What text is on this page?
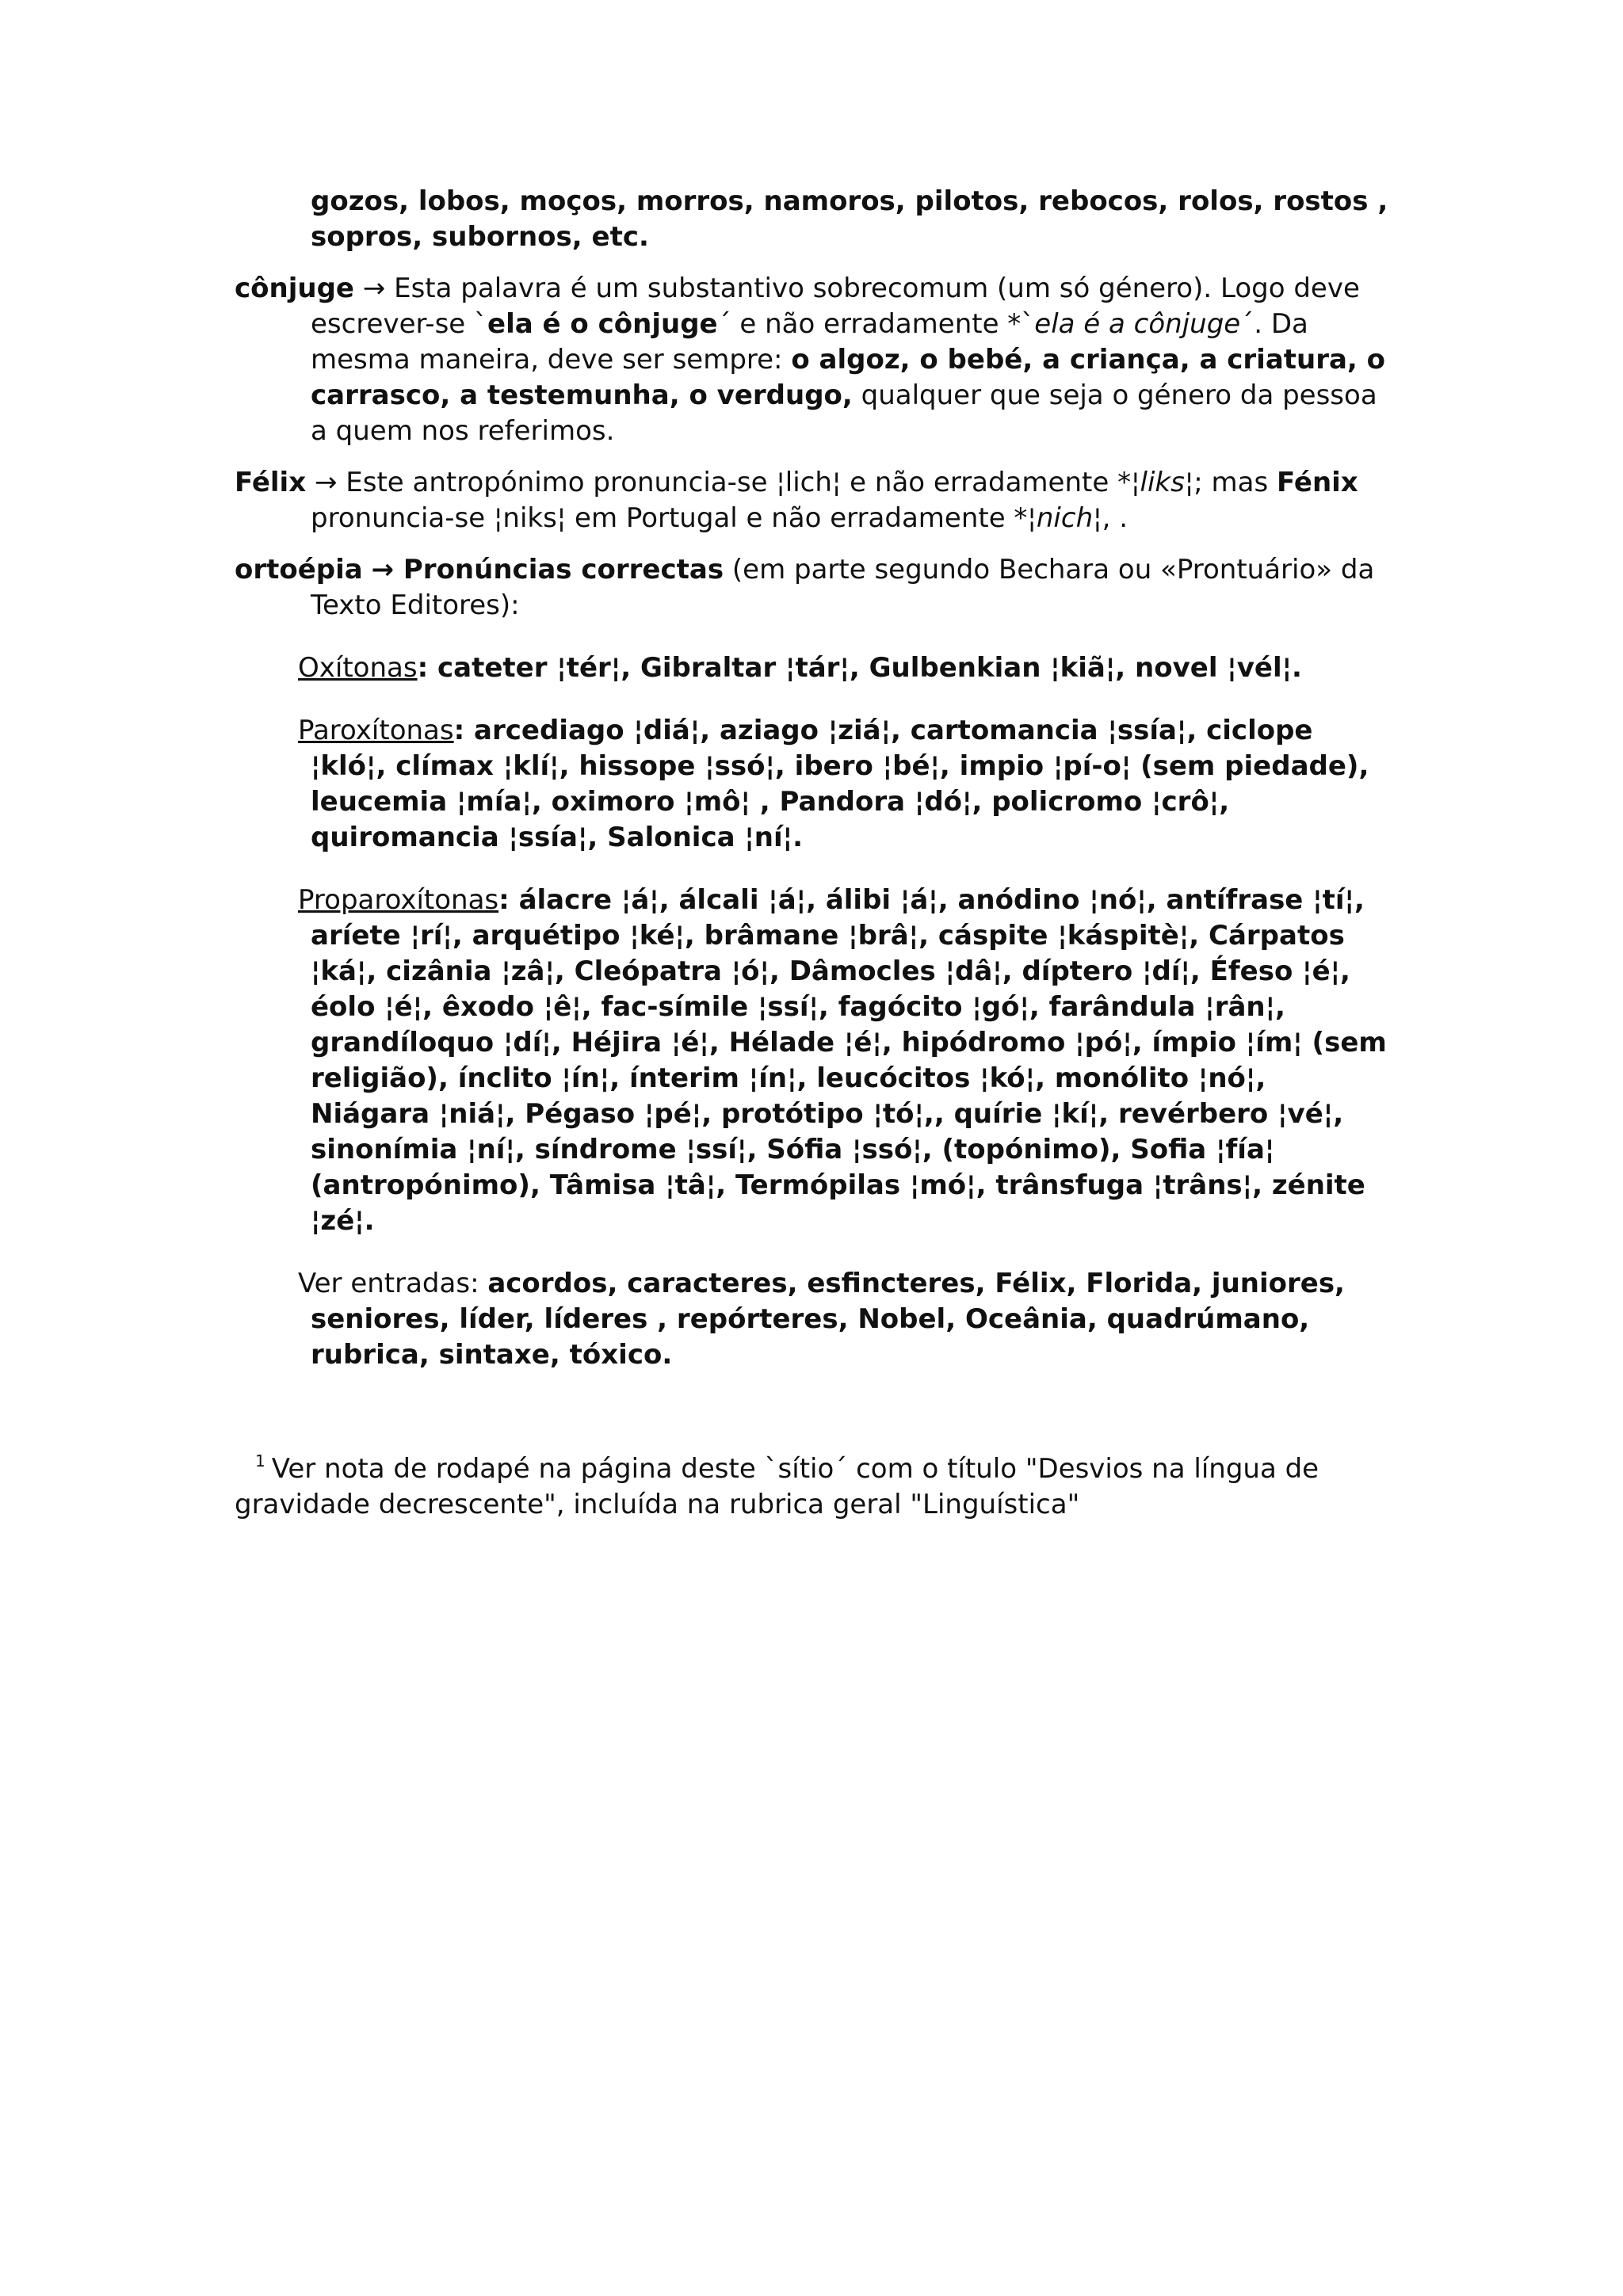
gozos, lobos, moços, morros, namoros, pilotos, rebocos, rolos, rostos , sopros, subornos, etc.

cônjuge → Esta palavra é um substantivo sobrecomum (um só género). Logo deve escrever-se `ela é o cônjuge´ e não erradamente *`ela é a cônjuge´. Da mesma maneira, deve ser sempre: o algoz, o bebé, a criança, a criatura, o carrasco, a testemunha, o verdugo, qualquer que seja o género da pessoa a quem nos referimos.

Félix → Este antropónimo pronuncia-se ¦lich¦ e não erradamente *¦liks¦; mas Fénix pronuncia-se ¦niks¦ em Portugal e não erradamente *¦nich¦, .

ortoépia → Pronúncias correctas (em parte segundo Bechara ou «Prontuário» da Texto Editores):

Oxítonas: cateter ¦tér¦, Gibraltar ¦tár¦, Gulbenkian ¦kiã¦, novel ¦vél¦.

Paroxítonas: arcediago ¦diá¦, aziago ¦ziá¦, cartomancia ¦ssía¦, ciclope ¦kló¦, clímax ¦klí¦, hissope ¦ssó¦, ibero ¦bé¦, impio ¦pí-o¦ (sem piedade), leucemia ¦mía¦, oximoro ¦mô¦ , Pandora ¦dó¦, policromo ¦crô¦, quiromancia ¦ssía¦, Salonica ¦ní¦.

Proparoxítonas: álacre ¦á¦, álcali ¦á¦, álibi ¦á¦, anódino ¦nó¦, antífrase ¦tí¦, aríete ¦rí¦, arquétipo ¦ké¦, brâmane ¦brâ¦, cáspite ¦káspitè¦, Cárpatos ¦ká¦, cizânia ¦zâ¦, Cleópatra ¦ó¦, Dâmocles ¦dâ¦, díptero ¦dí¦, Éfeso ¦é¦, éolo ¦é¦, êxodo ¦ê¦, fac-símile ¦ssí¦, fagócito ¦gó¦, farândula ¦rân¦, grandíloquo ¦dí¦, Héjira ¦é¦, Hélade ¦é¦, hipódromo ¦pó¦, ímpio ¦ím¦ (sem religião), ínclito ¦ín¦, ínterim ¦ín¦, leucócitos ¦kó¦, monólito ¦nó¦, Niágara ¦niá¦, Pégaso ¦pé¦, protótipo ¦tó¦,, quírie ¦kí¦, revérbero ¦vé¦, sinonímia ¦ní¦, síndrome ¦ssí¦, Sófia ¦ssó¦, (topónimo), Sofia ¦fía¦ (antropónimo), Tâmisa ¦tâ¦, Termópilas ¦mó¦, trânsfuga ¦trâns¦, zénite ¦zé¦.

Ver entradas: acordos, caracteres, esfincteres, Félix, Florida, juniores, seniores, líder, líderes , repórteres, Nobel, Oceânia, quadrúmano, rubrica, sintaxe, tóxico.

$^1$ Ver nota de rodapé na página deste `sítio´ com o título "Desvios na língua de gravidade decrescente", incluída na rubrica geral "Linguística"
